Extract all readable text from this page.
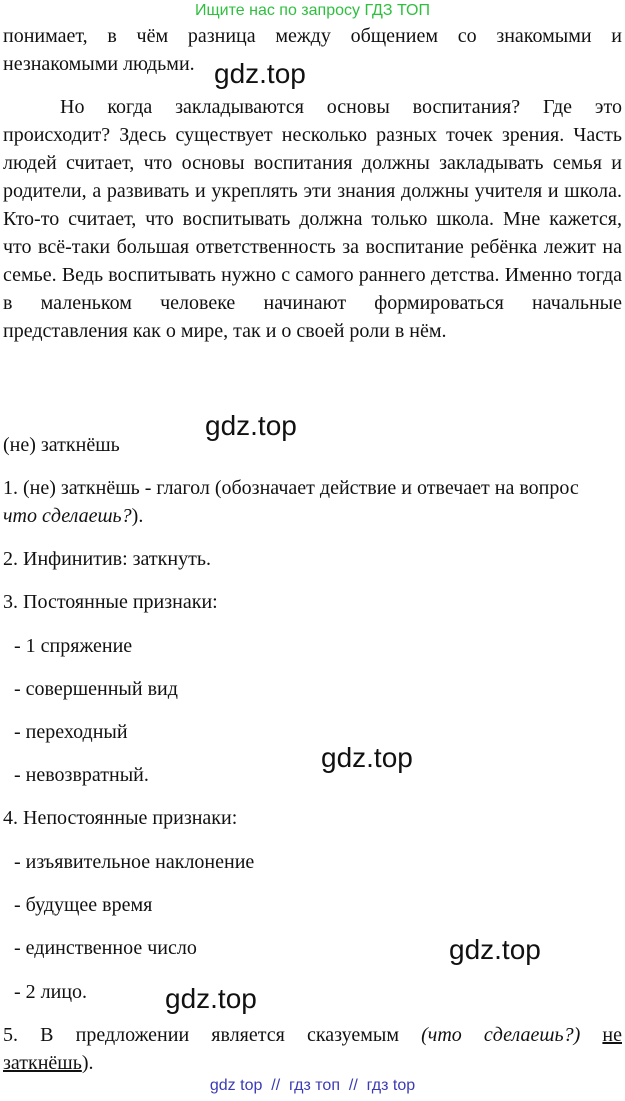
Ищите нас по запросу ГДЗ ТОП
понимает, в чём разница между общением со знакомыми и незнакомыми людьми.
Но когда закладываются основы воспитания? Где это происходит? Здесь существует несколько разных точек зрения. Часть людей считает, что основы воспитания должны закладывать семья и родители, а развивать и укреплять эти знания должны учителя и школа. Кто-то считает, что воспитывать должна только школа. Мне кажется, что всё-таки большая ответственность за воспитание ребёнка лежит на семье. Ведь воспитывать нужно с самого раннего детства. Именно тогда в маленьком человеке начинают формироваться начальные представления как о мире, так и о своей роли в нём.
(не) заткнёшь
1. (не) заткнёшь - глагол (обозначает действие и отвечает на вопрос
что сделаешь?).
2. Инфинитив: заткнуть.
3. Постоянные признаки:
- 1 спряжение
- совершенный вид
- переходный
- невозвратный.
4. Непостоянные признаки:
- изъявительное наклонение
- будущее время
- единственное число
- 2 лицо.
5. В предложении является сказуемым (что сделаешь?) не
заткнёшь).
gdz.top
gdz.top
gdz.top
gdz.top
gdz.top
gdz top  //  гдз топ  //  гдз top
